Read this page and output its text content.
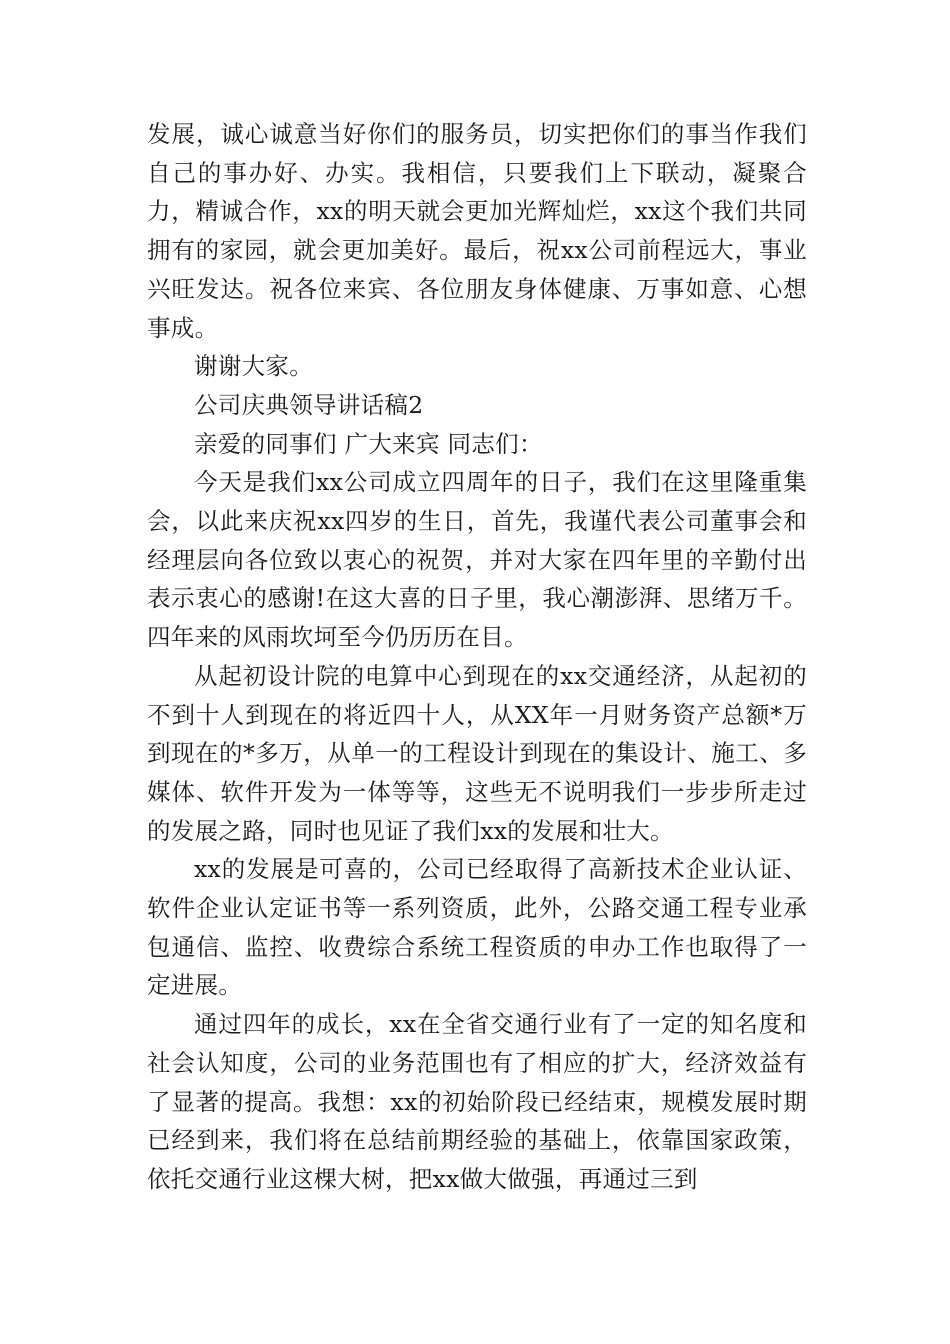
发展，诚心诚意当好你们的服务员，切实把你们的事当作我们自己的事办好、办实。我相信，只要我们上下联动，凝聚合力，精诚合作，xx的明天就会更加光辉灿烂，xx这个我们共同拥有的家园，就会更加美好。最后，祝xx公司前程远大，事业兴旺发达。祝各位来宾、各位朋友身体健康、万事如意、心想事成。

谢谢大家。

公司庆典领导讲话稿2

亲爱的同事们 广大来宾 同志们：

今天是我们xx公司成立四周年的日子，我们在这里隆重集会，以此来庆祝xx四岁的生日，首先，我谨代表公司董事会和经理层向各位致以衷心的祝贺，并对大家在四年里的辛勤付出表示衷心的感谢!在这大喜的日子里，我心潮澎湃、思绪万千。四年来的风雨坎坷至今仍历历在目。

从起初设计院的电算中心到现在的xx交通经济，从起初的不到十人到现在的将近四十人，从XX年一月财务资产总额*万到现在的*多万，从单一的工程设计到现在的集设计、施工、多媒体、软件开发为一体等等，这些无不说明我们一步步所走过的发展之路，同时也见证了我们xx的发展和壮大。

xx的发展是可喜的，公司已经取得了高新技术企业认证、软件企业认定证书等一系列资质，此外，公路交通工程专业承包通信、监控、收费综合系统工程资质的申办工作也取得了一定进展。

通过四年的成长，xx在全省交通行业有了一定的知名度和社会认知度，公司的业务范围也有了相应的扩大，经济效益有了显著的提高。我想：xx的初始阶段已经结束，规模发展时期已经到来，我们将在总结前期经验的基础上，依靠国家政策，依托交通行业这棵大树，把xx做大做强，再通过三到
